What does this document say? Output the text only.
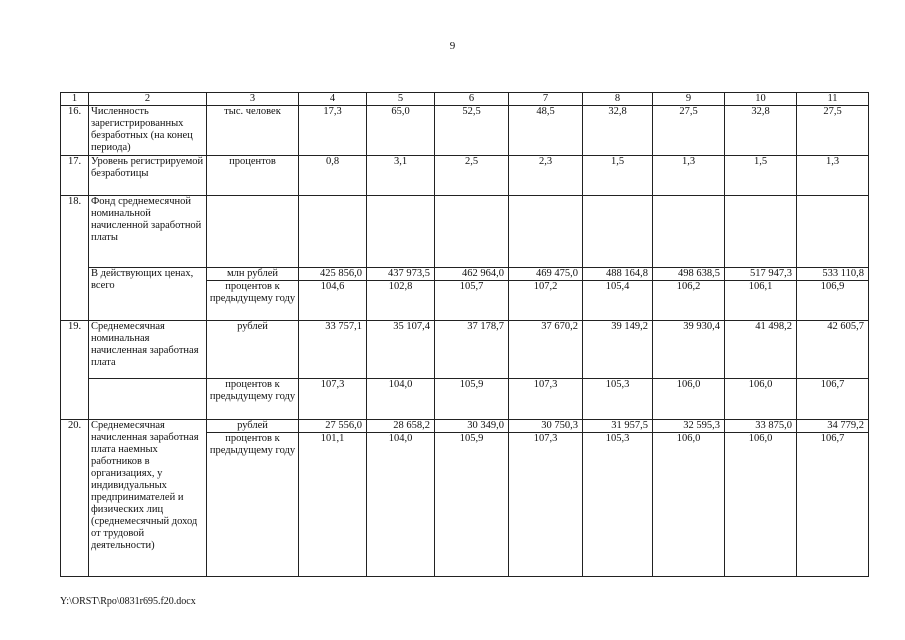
9
1	2	3	4	5	6	7	8	9	10	11
16.	Численность зарегистрированных безработных (на конец периода)	тыс. человек	17,3	65,0	52,5	48,5	32,8	27,5	32,8	27,5
17.	Уровень регистрируемой безработицы	процентов	0,8	3,1	2,5	2,3	1,5	1,3	1,5	1,3
18.	Фонд среднемесячной номинальной начисленной заработной платы									
	В действующих ценах, всего	млн рублей	425 856,0	437 973,5	462 964,0	469 475,0	488 164,8	498 638,5	517 947,3	533 110,8
		процентов к предыдущему году	104,6	102,8	105,7	107,2	105,4	106,2	106,1	106,9
19.	Среднемесячная номинальная начисленная заработная плата	рублей	33 757,1	35 107,4	37 178,7	37 670,2	39 149,2	39 930,4	41 498,2	42 605,7
		процентов к предыдущему году	107,3	104,0	105,9	107,3	105,3	106,0	106,0	106,7
20.	Среднемесячная начисленная заработная плата наемных работников в организациях, у индивидуальных предпринимателей и физических лиц (среднемесячный доход от трудовой деятельности)	рублей	27 556,0	28 658,2	30 349,0	30 750,3	31 957,5	32 595,3	33 875,0	34 779,2
		процентов к предыдущему году	101,1	104,0	105,9	107,3	105,3	106,0	106,0	106,7
Y:\ORST\Rpo\0831r695.f20.docx
